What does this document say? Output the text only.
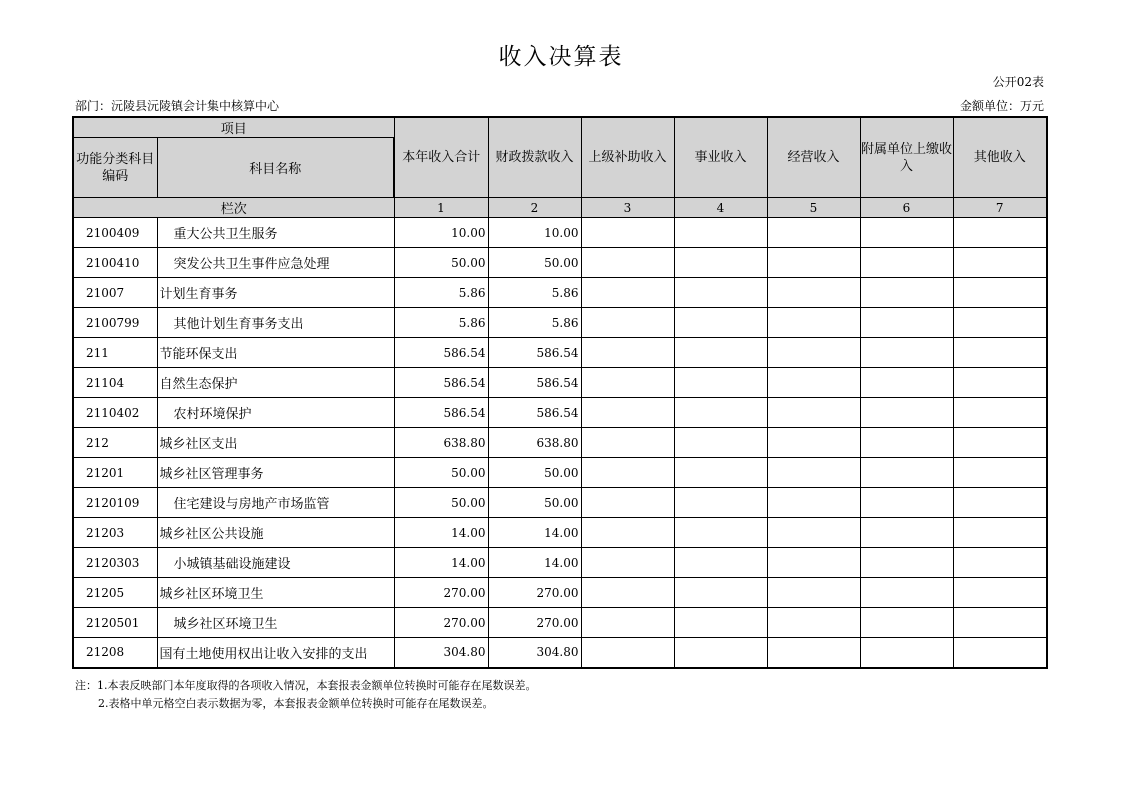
收入决算表
公开02表
部门：沅陵县沅陵镇会计集中核算中心	金额单位：万元
项目		本年收入合计	财政拨款收入	上级补助收入	事业收入	经营收入	附属单位上缴收入	其他收入
功能分类科目编码	科目名称							
栏次		1	2	3	4	5	6	7
2100409	重大公共卫生服务	10.00	10.00					
2100410	突发公共卫生事件应急处理	50.00	50.00					
21007	计划生育事务	5.86	5.86					
2100799	其他计划生育事务支出	5.86	5.86					
211	节能环保支出	586.54	586.54					
21104	自然生态保护	586.54	586.54					
2110402	农村环境保护	586.54	586.54					
212	城乡社区支出	638.80	638.80					
21201	城乡社区管理事务	50.00	50.00					
2120109	住宅建设与房地产市场监管	50.00	50.00					
21203	城乡社区公共设施	14.00	14.00					
2120303	小城镇基础设施建设	14.00	14.00					
21205	城乡社区环境卫生	270.00	270.00					
2120501	城乡社区环境卫生	270.00	270.00					
21208	国有土地使用权出让收入安排的支出	304.80	304.80					
注：1.本表反映部门本年度取得的各项收入情况，本套报表金额单位转换时可能存在尾数误差。
2.表格中单元格空白表示数据为零，本套报表金额单位转换时可能存在尾数误差。
